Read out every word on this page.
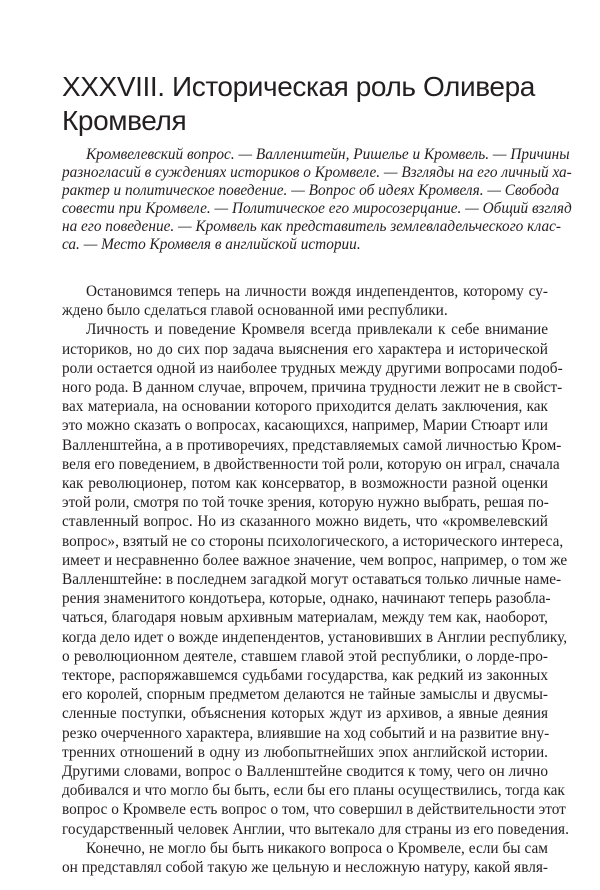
XXXVIII. Историческая роль Оливера
Кромвеля
Кромвелевский вопрос. — Валленштейн, Ришелье и Кромвель. — Причины
разногласий в суждениях историков о Кромвеле. — Взгляды на его личный ха-
рактер и политическое поведение. — Вопрос об идеях Кромвеля. — Свобода
совести при Кромвеле. — Политическое его миросозерцание. — Общий взгляд
на его поведение. — Кромвель как представитель землевладельческого клас-
са. — Место Кромвеля в английской истории.
Остановимся теперь на личности вождя индепендентов, которому су-
ждено было сделаться главой основанной ими республики.
Личность и поведение Кромвеля всегда привлекали к себе внимание
историков, но до сих пор задача выяснения его характера и исторической
роли остается одной из наиболее трудных между другими вопросами подоб-
ного рода. В данном случае, впрочем, причина трудности лежит не в свойст-
вах материала, на основании которого приходится делать заключения, как
это можно сказать о вопросах, касающихся, например, Марии Стюарт или
Валленштейна, а в противоречиях, представляемых самой личностью Кром-
веля его поведением, в двойственности той роли, которую он играл, сначала
как революционер, потом как консерватор, в возможности разной оценки
этой роли, смотря по той точке зрения, которую нужно выбрать, решая по-
ставленный вопрос. Но из сказанного можно видеть, что «кромвелевский
вопрос», взятый не со стороны психологического, а исторического интереса,
имеет и несравненно более важное значение, чем вопрос, например, о том же
Валленштейне: в последнем загадкой могут оставаться только личные наме-
рения знаменитого кондотьера, которые, однако, начинают теперь разобла-
чаться, благодаря новым архивным материалам, между тем как, наоборот,
когда дело идет о вожде индепендентов, установивших в Англии республику,
о революционном деятеле, ставшем главой этой республики, о лорде-про-
текторе, распоряжавшемся судьбами государства, как редкий из законных
его королей, спорным предметом делаются не тайные замыслы и двусмы-
сленные поступки, объяснения которых ждут из архивов, а явные деяния
резко очерченного характера, влиявшие на ход событий и на развитие вну-
тренних отношений в одну из любопытнейших эпох английской истории.
Другими словами, вопрос о Валленштейне сводится к тому, чего он лично
добивался и что могло бы быть, если бы его планы осуществились, тогда как
вопрос о Кромвеле есть вопрос о том, что совершил в действительности этот
государственный человек Англии, что вытекало для страны из его поведения.
Конечно, не могло бы быть никакого вопроса о Кромвеле, если бы сам
он представлял собой такую же цельную и несложную натуру, какой явля-
